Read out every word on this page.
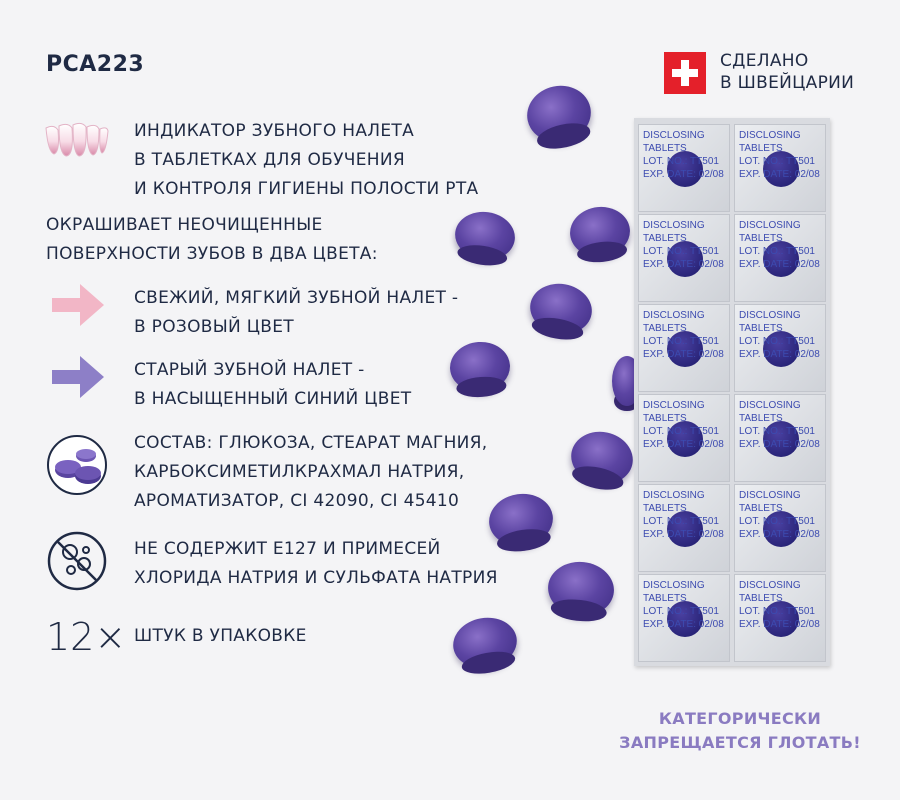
PCA223	СДЕЛАНО
В ШВЕЙЦАРИИ
ИНДИКАТОР ЗУБНОГО НАЛЕТА
В ТАБЛЕТКАХ ДЛЯ ОБУЧЕНИЯ
И КОНТРОЛЯ ГИГИЕНЫ ПОЛОСТИ РТА
ОКРАШИВАЕТ НЕОЧИЩЕННЫЕ
ПОВЕРХНОСТИ ЗУБОВ В ДВА ЦВЕТА:
СВЕЖИЙ, МЯГКИЙ ЗУБНОЙ НАЛЕТ -
В РОЗОВЫЙ ЦВЕТ
СТАРЫЙ ЗУБНОЙ НАЛЕТ -
В НАСЫЩЕННЫЙ СИНИЙ ЦВЕТ
СОСТАВ: ГЛЮКОЗА, СТЕАРАТ МАГНИЯ,
КАРБОКСИМЕТИЛКРАХМАЛ НАТРИЯ,
АРОМАТИЗАТОР, CI 42090, CI 45410
НЕ СОДЕРЖИТ Е127 И ПРИМЕСЕЙ
ХЛОРИДА НАТРИЯ И СУЛЬФАТА НАТРИЯ
12× ШТУК В УПАКОВКЕ
DISCLOSING
TABLETS
LOT. NO.: TT501
EXP. DATE: 02/08
DISCLOSING
TABLETS
LOT. NO.: TT501
EXP. DATE: 02/08
DISCLOSING
TABLETS
LOT. NO.: TT501
EXP. DATE: 02/08
DISCLOSING
TABLETS
LOT. NO.: TT501
EXP. DATE: 02/08
DISCLOSING
TABLETS
LOT. NO.: TT501
EXP. DATE: 02/08
DISCLOSING
TABLETS
LOT. NO.: TT501
EXP. DATE: 02/08
DISCLOSING
TABLETS
LOT. NO.: TT501
EXP. DATE: 02/08
DISCLOSING
TABLETS
LOT. NO.: TT501
EXP. DATE: 02/08
DISCLOSING
TABLETS
LOT. NO.: TT501
EXP. DATE: 02/08
DISCLOSING
TABLETS
LOT. NO.: TT501
EXP. DATE: 02/08
DISCLOSING
TABLETS
LOT. NO.: TT501
EXP. DATE: 02/08
DISCLOSING
TABLETS
LOT. NO.: TT501
EXP. DATE: 02/08
КАТЕГОРИЧЕСКИ
ЗАПРЕЩАЕТСЯ ГЛОТАТЬ!
